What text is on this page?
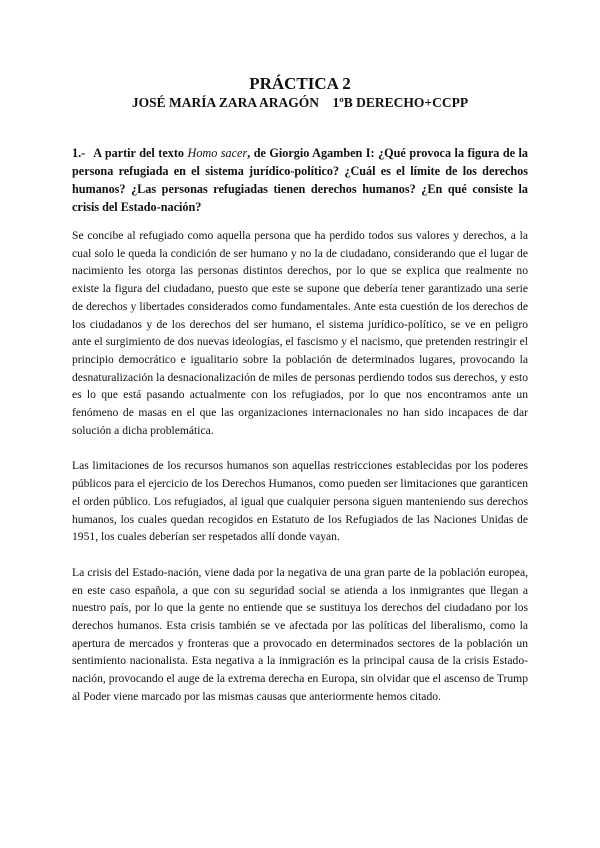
PRÁCTICA 2

JOSÉ MARÍA ZARA ARAGÓN    1ºB DERECHO+CCPP

1.- A partir del texto Homo sacer, de Giorgio Agamben I: ¿Qué provoca la figura de la persona refugiada en el sistema jurídico-político? ¿Cuál es el límite de los derechos humanos? ¿Las personas refugiadas tienen derechos humanos? ¿En qué consiste la crisis del Estado-nación?

Se concibe al refugiado como aquella persona que ha perdido todos sus valores y derechos, a la cual solo le queda la condición de ser humano y no la de ciudadano, considerando que el lugar de nacimiento les otorga las personas distintos derechos, por lo que se explica que realmente no existe la figura del ciudadano, puesto que este se supone que debería tener garantizado una serie de derechos y libertades considerados como fundamentales. Ante esta cuestión de los derechos de los ciudadanos y de los derechos del ser humano, el sistema jurídico-político, se ve en peligro ante el surgimiento de dos nuevas ideologías, el fascismo y el nacismo, que pretenden restringir el principio democrático e igualitario sobre la población de determinados lugares, provocando la desnaturalización la desnacionalización de miles de personas perdiendo todos sus derechos, y esto es lo que está pasando actualmente con los refugiados, por lo que nos encontramos ante un fenómeno de masas en el que las organizaciones internacionales no han sido incapaces de dar solución a dicha problemática.

Las limitaciones de los recursos humanos son aquellas restricciones establecidas por los poderes públicos para el ejercicio de los Derechos Humanos, como pueden ser limitaciones que garanticen el orden público. Los refugiados, al igual que cualquier persona siguen manteniendo sus derechos humanos, los cuales quedan recogidos en Estatuto de los Refugiados de las Naciones Unidas de 1951, los cuales deberían ser respetados allí donde vayan.

La crisis del Estado-nación, viene dada por la negativa de una gran parte de la población europea, en este caso española, a que con su seguridad social se atienda a los inmigrantes que llegan a nuestro país, por lo que la gente no entiende que se sustituya los derechos del ciudadano por los derechos humanos. Esta crisis también se ve afectada por las políticas del liberalismo, como la apertura de mercados y fronteras que a provocado en determinados sectores de la población un sentimiento nacionalista. Esta negativa a la inmigración es la principal causa de la crisis Estado-nación, provocando el auge de la extrema derecha en Europa, sin olvidar que el ascenso de Trump al Poder viene marcado por las mismas causas que anteriormente hemos citado.
